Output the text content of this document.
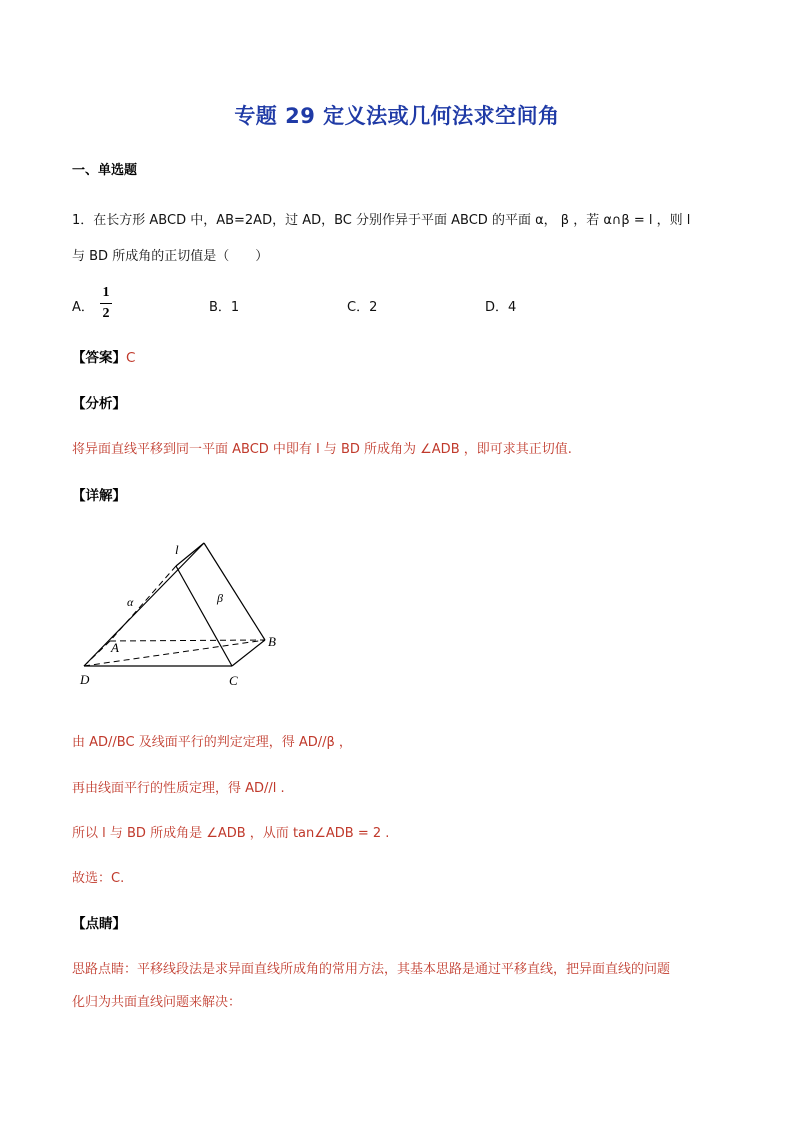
专题 29 定义法或几何法求空间角
一、单选题
1．在长方形 ABCD 中，AB=2AD，过 AD，BC 分别作异于平面 ABCD 的平面 α， β ，若 α∩β = l ，则 l
与 BD 所成角的正切值是（　　）
A．
1
2	B．1	C．2	D．4
【答案】C
【分析】
将异面直线平移到同一平面 ABCD 中即有 l 与 BD 所成角为 ∠ADB ，即可求其正切值.
【详解】
l
α	β
A	B
C
D
由 AD//BC 及线面平行的判定定理，得 AD//β ，
再由线面平行的性质定理，得 AD//l .
所以 l 与 BD 所成角是 ∠ADB ，从而 tan∠ADB = 2 .
故选：C.
【点睛】
思路点睛：平移线段法是求异面直线所成角的常用方法，其基本思路是通过平移直线，把异面直线的问题
化归为共面直线问题来解决：
